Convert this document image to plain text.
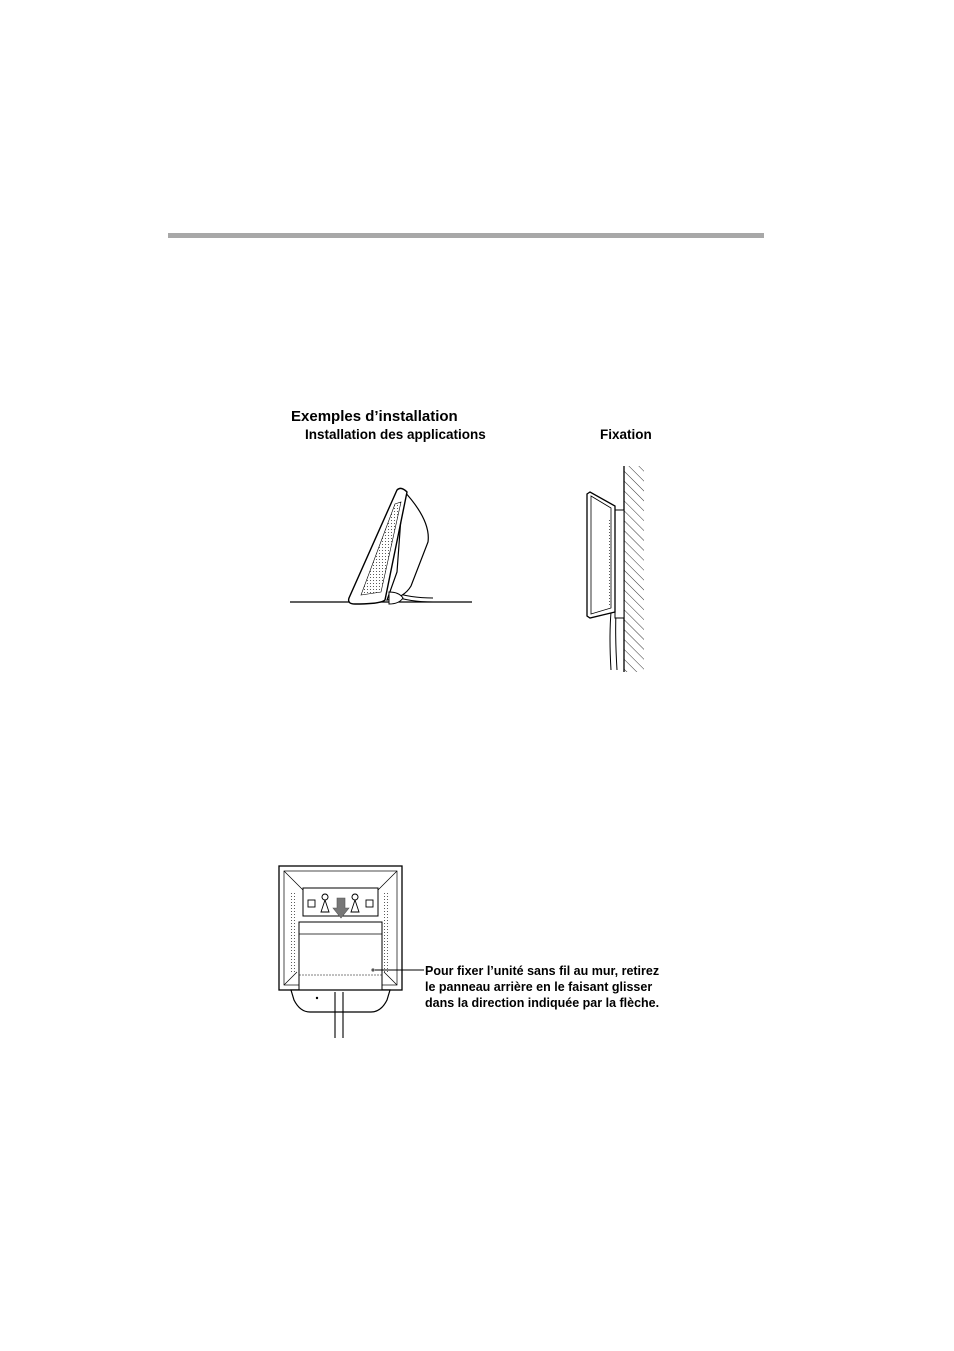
Exemples d’installation
Installation des applications	Fixation
Pour fixer l’unité sans fil au mur, retirez
le panneau arrière en le faisant glisser
dans la direction indiquée par la flèche.
